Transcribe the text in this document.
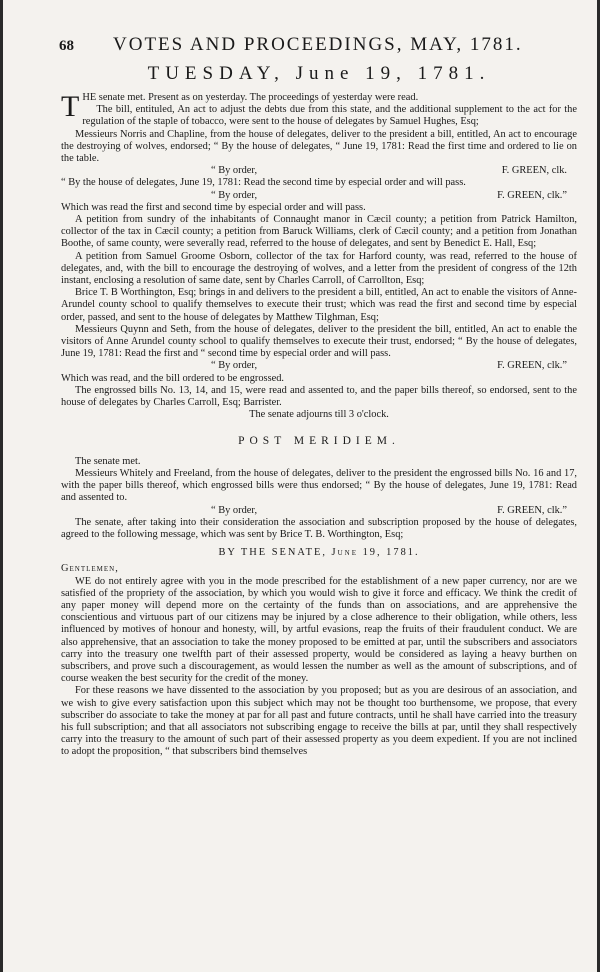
68 VOTES AND PROCEEDINGS, MAY, 1781.
TUESDAY, June 19, 1781.

THE senate met. Present as on yesterday. The proceedings of yesterday were read.

The bill, entituled, An act to adjust the debts due from this state, and the additional supplement to the act for the regulation of the staple of tobacco, were sent to the house of delegates by Samuel Hughes, Esq;

Messieurs Norris and Chapline, from the house of delegates, deliver to the president a bill, entitled, An act to encourage the destroying of wolves, endorsed; “ By the house of delegates, “ June 19, 1781: Read the first time and ordered to lie on the table.

“ By order,	F. GREEN, clk.

“ By the house of delegates, June 19, 1781: Read the second time by especial order and will pass.

“ By order,	F. GREEN, clk.”

Which was read the first and second time by especial order and will pass.

A petition from sundry of the inhabitants of Connaught manor in Cæcil county; a petition from Patrick Hamilton, collector of the tax in Cæcil county; a petition from Baruck Williams, clerk of Cæcil county; and a petition from Jonathan Boothe, of same county, were severally read, referred to the house of delegates, and sent by Benedict E. Hall, Esq;

A petition from Samuel Groome Osborn, collector of the tax for Harford county, was read, referred to the house of delegates, and, with the bill to encourage the destroying of wolves, and a letter from the president of congress of the 12th instant, enclosing a resolution of same date, sent by Charles Carroll, of Carrollton, Esq;

Brice T. B Worthington, Esq; brings in and delivers to the president a bill, entitled, An act to enable the visitors of Anne-Arundel county school to qualify themselves to execute their trust; which was read the first and second time by especial order, passed, and sent to the house of delegates by Matthew Tilghman, Esq;

Messieurs Quynn and Seth, from the house of delegates, deliver to the president the bill, entitled, An act to enable the visitors of Anne Arundel county school to qualify themselves to execute their trust, endorsed; “ By the house of delegates, June 19, 1781: Read the first and “ second time by especial order and will pass.

“ By order,	F. GREEN, clk.”

Which was read, and the bill ordered to be engrossed.

The engrossed bills No. 13, 14, and 15, were read and assented to, and the paper bills thereof, so endorsed, sent to the house of delegates by Charles Carroll, Esq; Barrister.

The senate adjourns till 3 o'clock.

POST MERIDIEM.

The senate met.

Messieurs Whitely and Freeland, from the house of delegates, deliver to the president the engrossed bills No. 16 and 17, with the paper bills thereof, which engrossed bills were thus endorsed; “ By the house of delegates, June 19, 1781: Read and assented to.

“ By order,	F. GREEN, clk.”

The senate, after taking into their consideration the association and subscription proposed by the house of delegates, agreed to the following message, which was sent by Brice T. B. Worthington, Esq;

BY THE SENATE, June 19, 1781.

Gentlemen,

WE do not entirely agree with you in the mode prescribed for the establishment of a new paper currency, nor are we satisfied of the propriety of the association, by which you would wish to give it force and efficacy. We think the credit of any paper money will depend more on the certainty of the funds than on associations, and are apprehensive the conscientious and virtuous part of our citizens may be injured by a close adherence to their obligation, while others, less influenced by motives of honour and honesty, will, by artful evasions, reap the fruits of their fraudulent conduct. We are also apprehensive, that an association to take the money proposed to be emitted at par, until the subscribers and associators carry into the treasury one twelfth part of their assessed property, would be considered as laying a heavy burthen on subscribers, and prove such a discouragement, as would lessen the number as well as the amount of subscriptions, and of course weaken the best security for the credit of the money.

For these reasons we have dissented to the association by you proposed; but as you are desirous of an association, and we wish to give every satisfaction upon this subject which may not be thought too burthensome, we propose, that every subscriber do associate to take the money at par for all past and future contracts, until he shall have carried into the treasury his full subscription; and that all associators not subscribing engage to receive the bills at par, until they shall respectively carry into the treasury to the amount of such part of their assessed property as you deem expedient. If you are not inclined to adopt the proposition, “ that subscribers bind themselves
